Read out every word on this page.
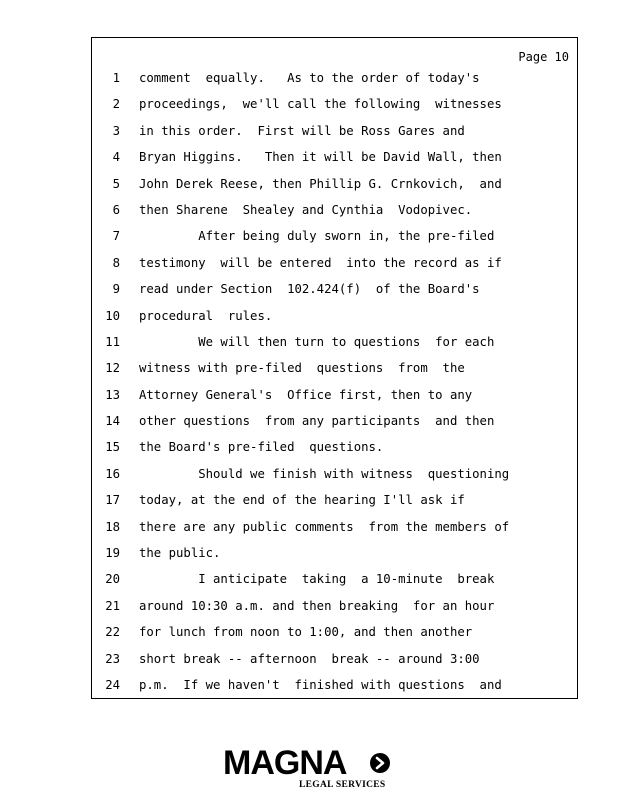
Page 10
1 comment  equally.   As to the order of today's
2 proceedings,  we'll call the following  witnesses
3 in this order.  First will be Ross Gares and
4 Bryan Higgins.   Then it will be David Wall, then
5 John Derek Reese, then Phillip G. Crnkovich,  and
6 then Sharene  Shealey and Cynthia  Vodopivec.
7 After being duly sworn in, the pre-filed
8 testimony  will be entered  into the record as if
9 read under Section  102.424(f)  of the Board's
10 procedural  rules.
11 We will then turn to questions  for each
12 witness with pre-filed  questions  from  the
13 Attorney General's  Office first, then to any
14 other questions  from any participants  and then
15 the Board's pre-filed  questions.
16 Should we finish with witness  questioning
17 today, at the end of the hearing I'll ask if
18 there are any public comments  from the members of
19 the public.
20 I anticipate  taking  a 10-minute  break
21 around 10:30 a.m. and then breaking  for an hour
22 for lunch from noon to 1:00, and then another
23 short break -- afternoon  break -- around 3:00
24 p.m.  If we haven't  finished with questions  and
MAGNA
LEGAL SERVICES
